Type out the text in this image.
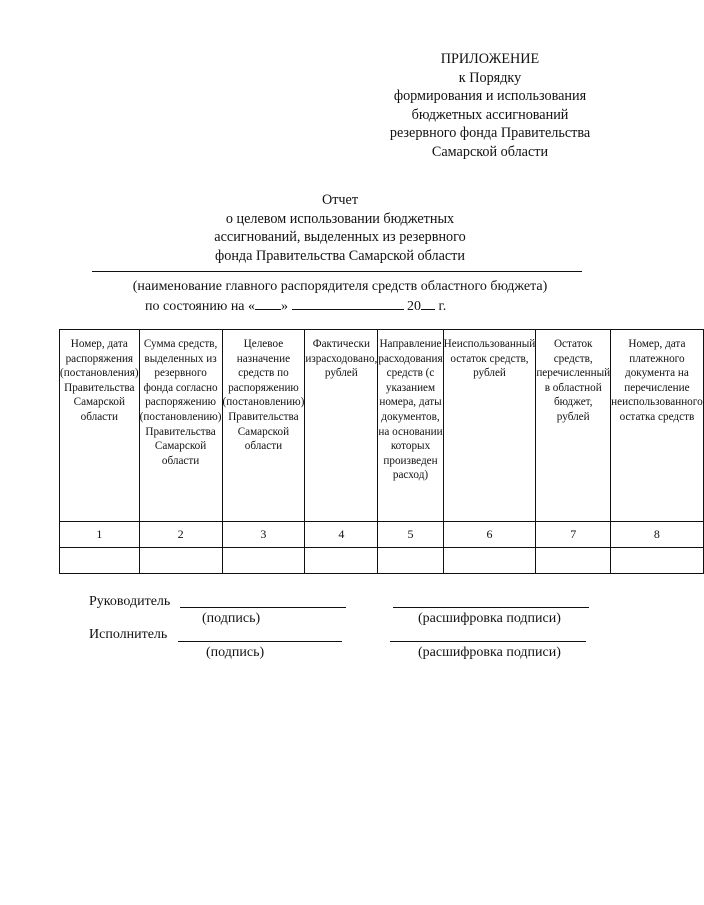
ПРИЛОЖЕНИЕ
к Порядку
формирования и использования
бюджетных ассигнований
резервного фонда Правительства
Самарской области
Отчет
о целевом использовании бюджетных
ассигнований, выделенных из резервного
фонда Правительства Самарской области
(наименование главного распорядителя средств областного бюджета)
по состоянию на « »	20 г.
Номер, дата распоряжения (постановления) Правительства Самарской области	Сумма средств, выделенных из резервного фонда согласно распоряжению (постановлению) Правительства Самарской области	Целевое назначение средств по распоряжению (постановлению) Правительства Самарской области	Фактически израсходовано, рублей	Направление расходования средств (с указанием номера, даты документов, на основании которых произведен расход)	Неиспользованный остаток средств, рублей	Остаток средств, перечисленный в областной бюджет, рублей	Номер, дата платежного документа на перечисление неиспользованного остатка средств
1	2	3	4	5	6	7	8

Руководитель
(подпись)	(расшифровка подписи)
Исполнитель
(подпись)	(расшифровка подписи)
